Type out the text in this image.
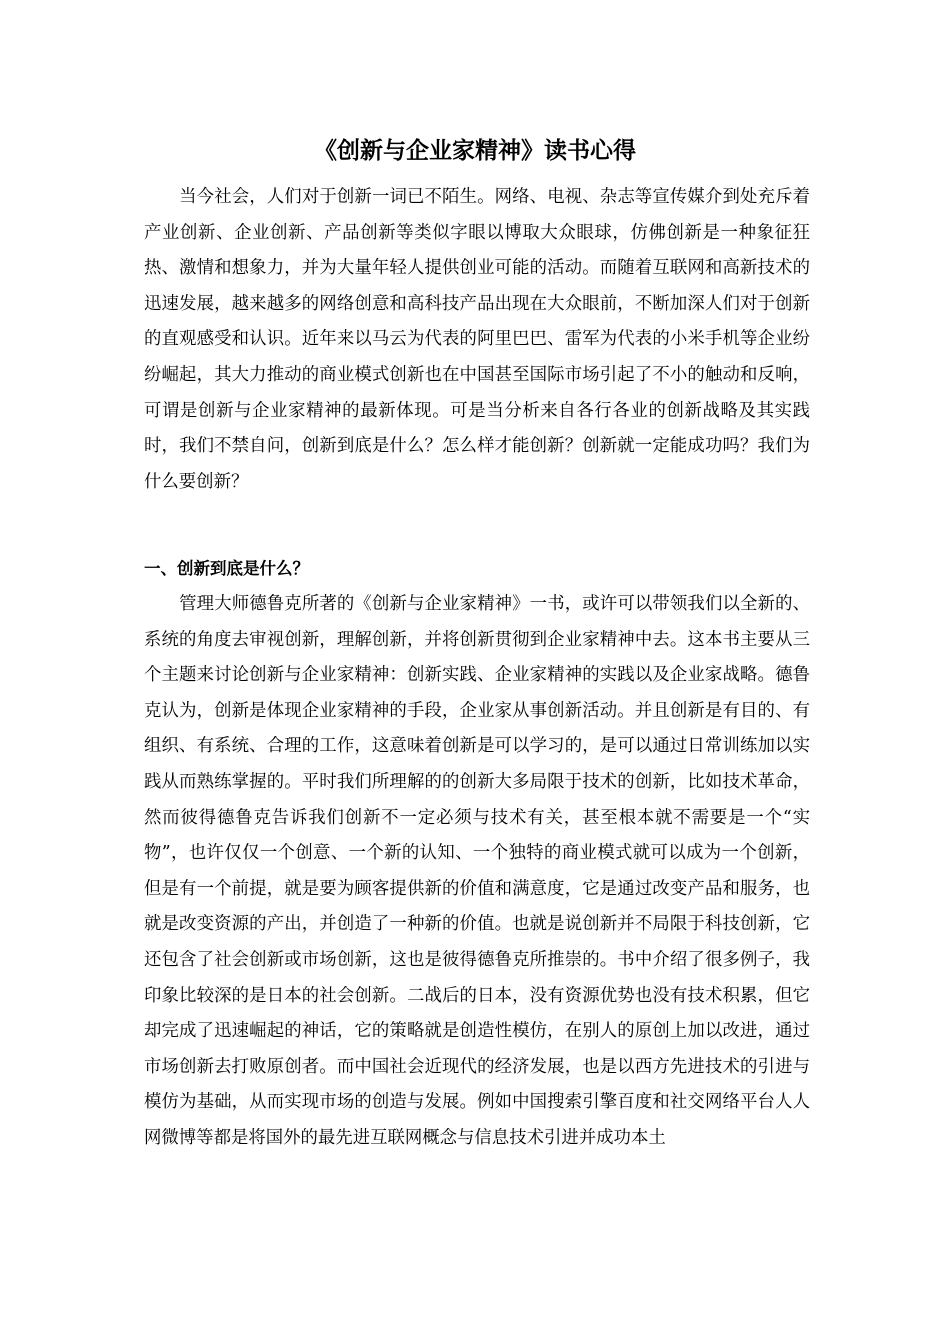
《创新与企业家精神》读书心得

当今社会，人们对于创新一词已不陌生。网络、电视、杂志等宣传媒介到处充斥着产业创新、企业创新、产品创新等类似字眼以博取大众眼球，仿佛创新是一种象征狂热、激情和想象力，并为大量年轻人提供创业可能的活动。而随着互联网和高新技术的迅速发展，越来越多的网络创意和高科技产品出现在大众眼前，不断加深人们对于创新的直观感受和认识。近年来以马云为代表的阿里巴巴、雷军为代表的小米手机等企业纷纷崛起，其大力推动的商业模式创新也在中国甚至国际市场引起了不小的触动和反响，可谓是创新与企业家精神的最新体现。可是当分析来自各行各业的创新战略及其实践时，我们不禁自问，创新到底是什么？怎么样才能创新？创新就一定能成功吗？我们为什么要创新？

一、创新到底是什么？

管理大师德鲁克所著的《创新与企业家精神》一书，或许可以带领我们以全新的、系统的角度去审视创新，理解创新，并将创新贯彻到企业家精神中去。这本书主要从三个主题来讨论创新与企业家精神：创新实践、企业家精神的实践以及企业家战略。德鲁克认为，创新是体现企业家精神的手段，企业家从事创新活动。并且创新是有目的、有组织、有系统、合理的工作，这意味着创新是可以学习的，是可以通过日常训练加以实践从而熟练掌握的。平时我们所理解的的创新大多局限于技术的创新，比如技术革命，然而彼得德鲁克告诉我们创新不一定必须与技术有关，甚至根本就不需要是一个“实物”，也许仅仅一个创意、一个新的认知、一个独特的商业模式就可以成为一个创新，但是有一个前提，就是要为顾客提供新的价值和满意度，它是通过改变产品和服务，也就是改变资源的产出，并创造了一种新的价值。也就是说创新并不局限于科技创新，它还包含了社会创新或市场创新，这也是彼得德鲁克所推崇的。书中介绍了很多例子，我印象比较深的是日本的社会创新。二战后的日本，没有资源优势也没有技术积累，但它却完成了迅速崛起的神话，它的策略就是创造性模仿，在别人的原创上加以改进，通过市场创新去打败原创者。而中国社会近现代的经济发展，也是以西方先进技术的引进与模仿为基础，从而实现市场的创造与发展。例如中国搜索引擎百度和社交网络平台人人网微博等都是将国外的最先进互联网概念与信息技术引进并成功本土
